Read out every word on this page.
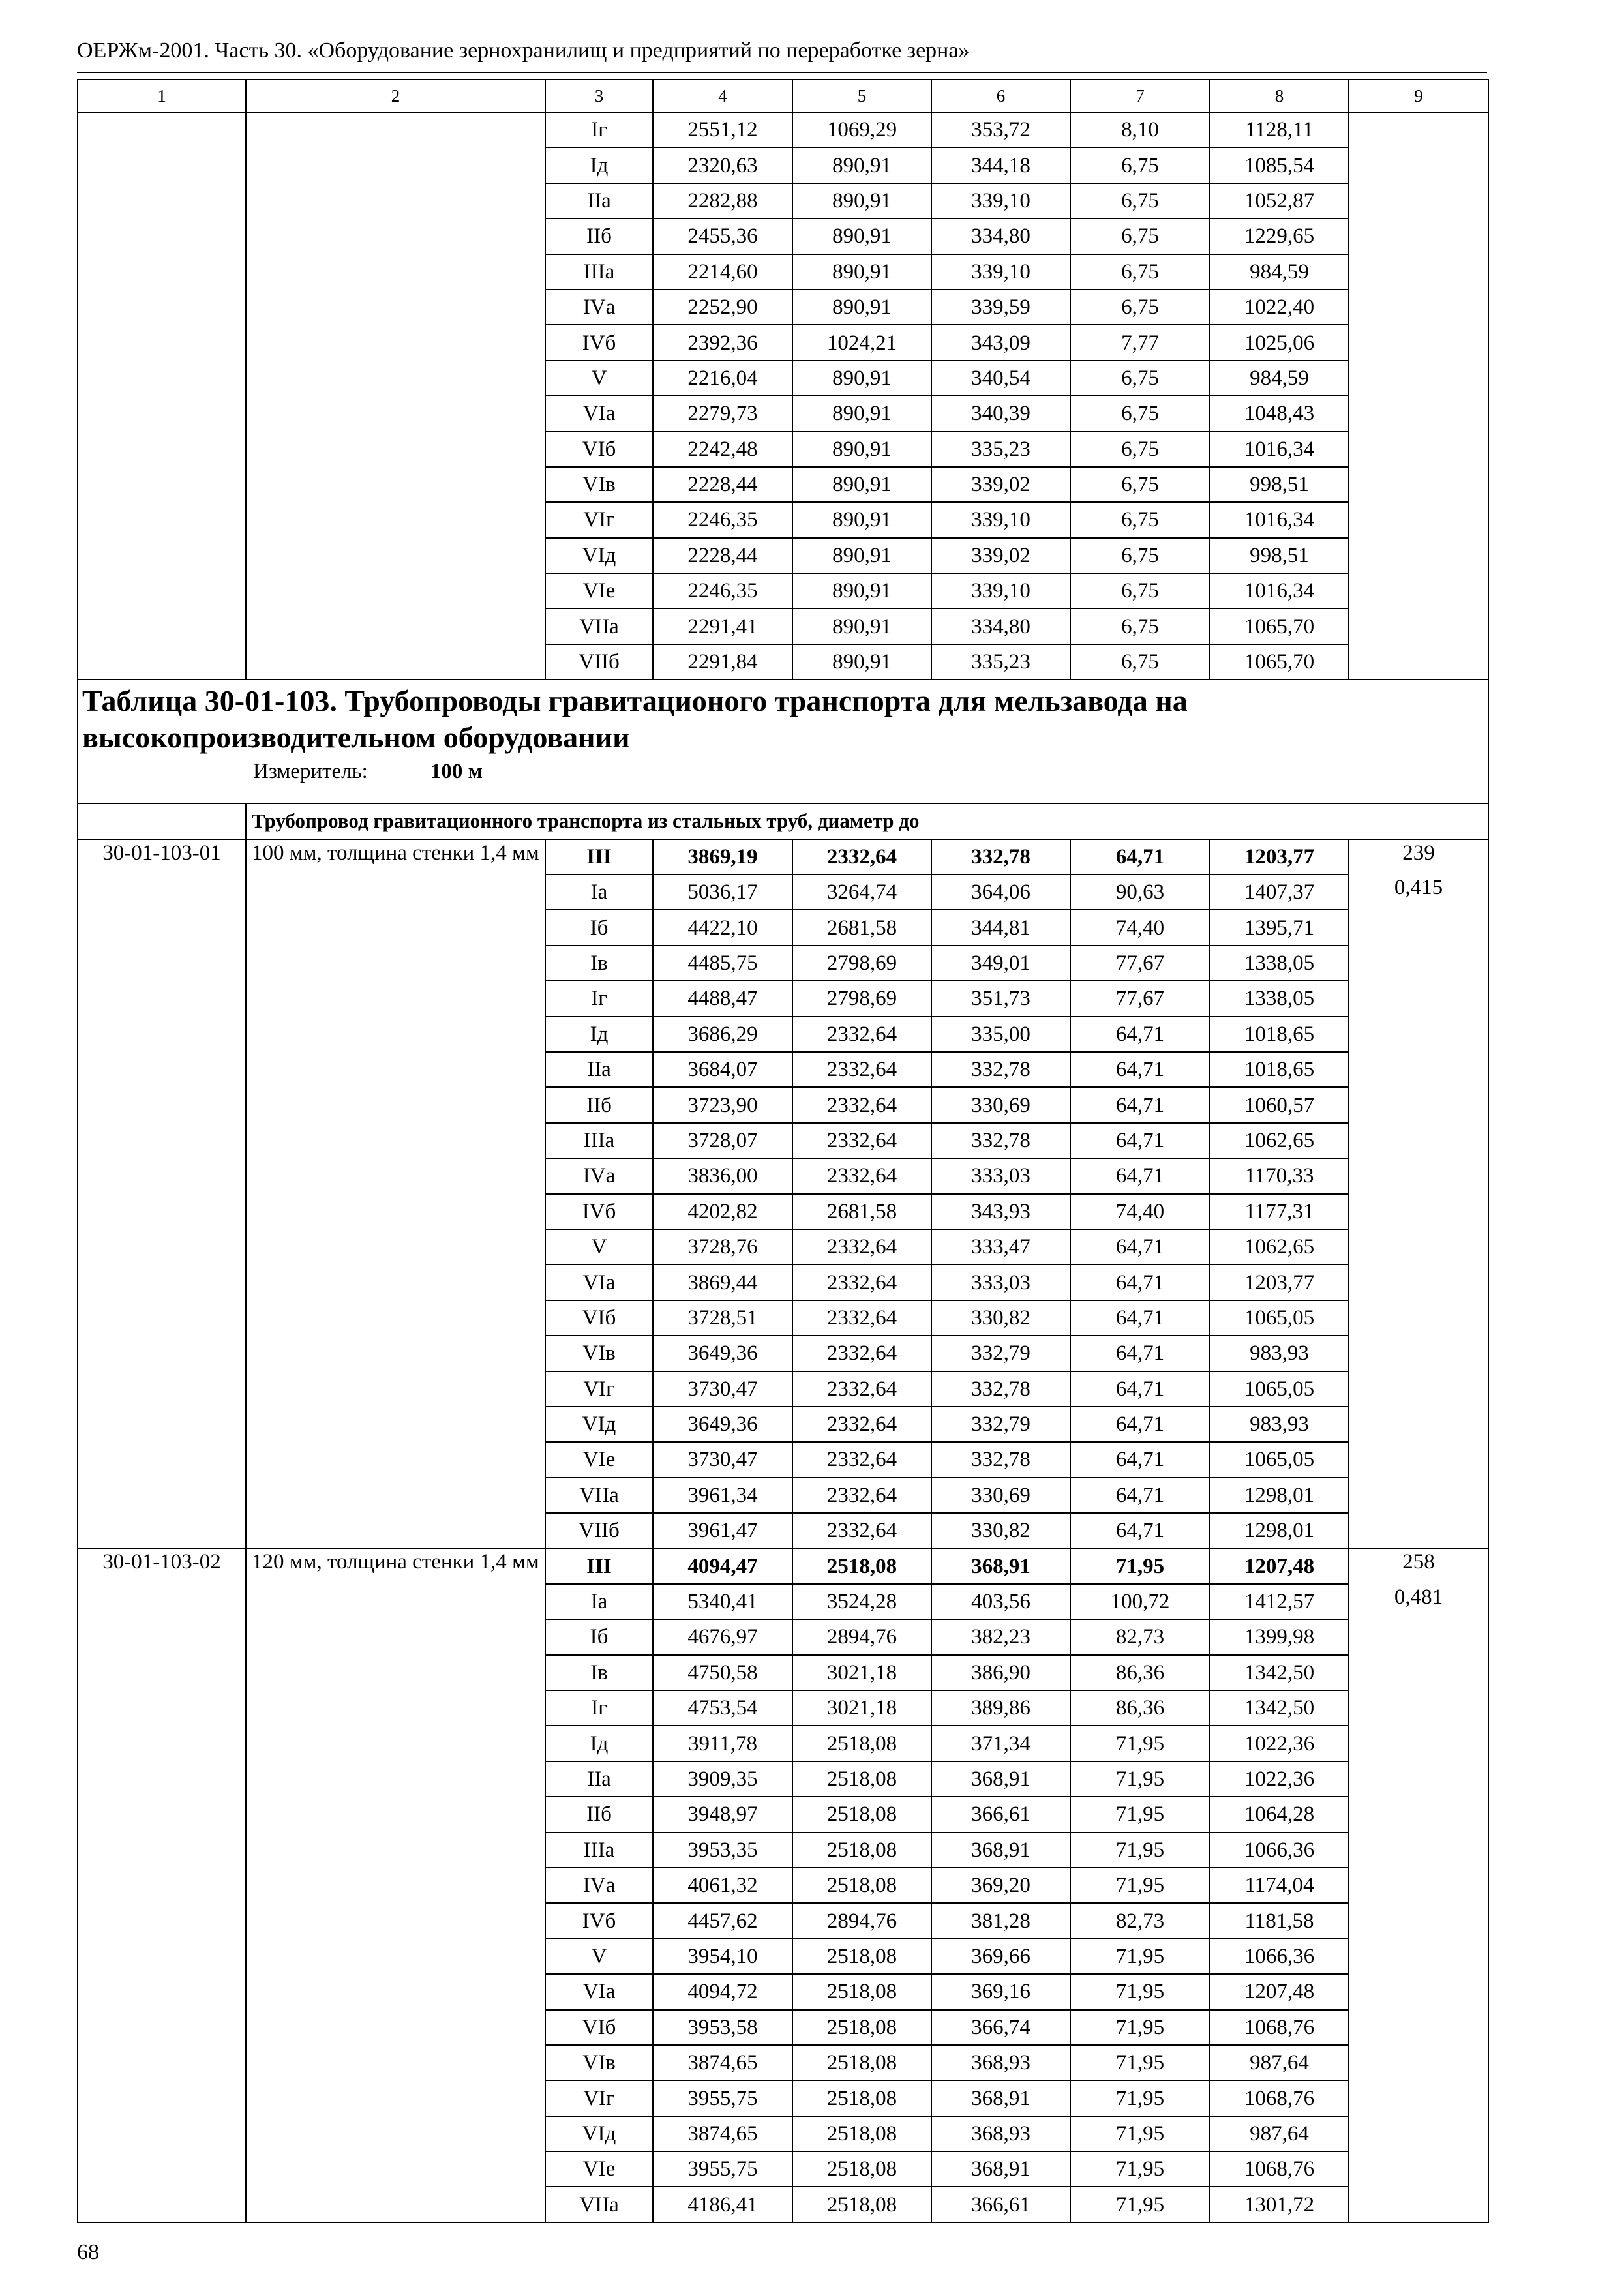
ОЕРЖм-2001. Часть 30. «Оборудование зернохранилищ и предприятий по переработке зерна»
1	2	3	4	5	6	7	8	9
		Iг	2551,12	1069,29	353,72	8,10	1128,11	
		Iд	2320,63	890,91	344,18	6,75	1085,54	
		IIа	2282,88	890,91	339,10	6,75	1052,87	
		IIб	2455,36	890,91	334,80	6,75	1229,65	
		IIIа	2214,60	890,91	339,10	6,75	984,59	
		IVа	2252,90	890,91	339,59	6,75	1022,40	
		IVб	2392,36	1024,21	343,09	7,77	1025,06	
		V	2216,04	890,91	340,54	6,75	984,59	
		VIа	2279,73	890,91	340,39	6,75	1048,43	
		VIб	2242,48	890,91	335,23	6,75	1016,34	
		VIв	2228,44	890,91	339,02	6,75	998,51	
		VIг	2246,35	890,91	339,10	6,75	1016,34	
		VIд	2228,44	890,91	339,02	6,75	998,51	
		VIе	2246,35	890,91	339,10	6,75	1016,34	
		VIIа	2291,41	890,91	334,80	6,75	1065,70	
		VIIб	2291,84	890,91	335,23	6,75	1065,70	

Таблица 30-01-103. Трубопроводы гравитационого транспорта для мельзавода на высокопроизводительном оборудовании
Измеритель: 100 м								

	Трубопровод гравитационного транспорта из стальных труб, диаметр до							
30-01-103-01	100 мм, толщина стенки 1,4 мм	III	3869,19	2332,64	332,78	64,71	1203,77	239
		Iа	5036,17	3264,74	364,06	90,63	1407,37	0,415
		Iб	4422,10	2681,58	344,81	74,40	1395,71	
		Iв	4485,75	2798,69	349,01	77,67	1338,05	
		Iг	4488,47	2798,69	351,73	77,67	1338,05	
		Iд	3686,29	2332,64	335,00	64,71	1018,65	
		IIа	3684,07	2332,64	332,78	64,71	1018,65	
		IIб	3723,90	2332,64	330,69	64,71	1060,57	
		IIIа	3728,07	2332,64	332,78	64,71	1062,65	
		IVа	3836,00	2332,64	333,03	64,71	1170,33	
		IVб	4202,82	2681,58	343,93	74,40	1177,31	
		V	3728,76	2332,64	333,47	64,71	1062,65	
		VIа	3869,44	2332,64	333,03	64,71	1203,77	
		VIб	3728,51	2332,64	330,82	64,71	1065,05	
		VIв	3649,36	2332,64	332,79	64,71	983,93	
		VIг	3730,47	2332,64	332,78	64,71	1065,05	
		VIд	3649,36	2332,64	332,79	64,71	983,93	
		VIе	3730,47	2332,64	332,78	64,71	1065,05	
		VIIа	3961,34	2332,64	330,69	64,71	1298,01	
		VIIб	3961,47	2332,64	330,82	64,71	1298,01	
30-01-103-02	120 мм, толщина стенки 1,4 мм	III	4094,47	2518,08	368,91	71,95	1207,48	258
		Iа	5340,41	3524,28	403,56	100,72	1412,57	0,481
		Iб	4676,97	2894,76	382,23	82,73	1399,98	
		Iв	4750,58	3021,18	386,90	86,36	1342,50	
		Iг	4753,54	3021,18	389,86	86,36	1342,50	
		Iд	3911,78	2518,08	371,34	71,95	1022,36	
		IIа	3909,35	2518,08	368,91	71,95	1022,36	
		IIб	3948,97	2518,08	366,61	71,95	1064,28	
		IIIа	3953,35	2518,08	368,91	71,95	1066,36	
		IVа	4061,32	2518,08	369,20	71,95	1174,04	
		IVб	4457,62	2894,76	381,28	82,73	1181,58	
		V	3954,10	2518,08	369,66	71,95	1066,36	
		VIа	4094,72	2518,08	369,16	71,95	1207,48	
		VIб	3953,58	2518,08	366,74	71,95	1068,76	
		VIв	3874,65	2518,08	368,93	71,95	987,64	
		VIг	3955,75	2518,08	368,91	71,95	1068,76	
		VIд	3874,65	2518,08	368,93	71,95	987,64	
		VIе	3955,75	2518,08	368,91	71,95	1068,76	
		VIIа	4186,41	2518,08	366,61	71,95	1301,72	
68
